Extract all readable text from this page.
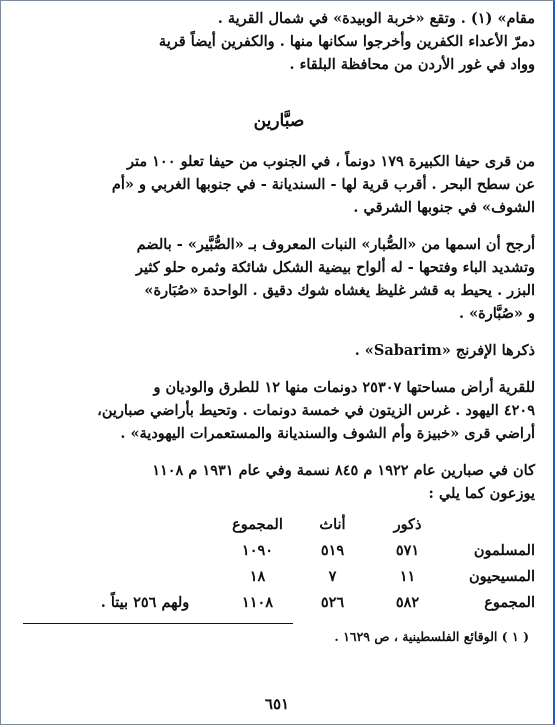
مقام» (١) . وتقع «خربة الوبيدة» في شمال القرية .
دمرّ الأعداء الكفرين وأخرجوا سكانها منها . والكفرين أيضاً قرية
وواد في غور الأردن من محافظة البلقاء .
صبَّارين
من قرى حيفا الكبيرة ١٧٩ دونماً ، في الجنوب من حيفا تعلو ١٠٠ متر
عن سطح البحر . أقرب قرية لها - السنديانة - في جنوبها الغربي و «أم
الشوف» في جنوبها الشرقي .
أرجح أن اسمها من «الصُّبار» النبات المعروف بـ «الصُّبَّير» - بالضم
وتشديد الباء وفتحها - له ألواح بيضية الشكل شائكة وثمره حلو كثير
البزر . يحيط به قشر غليظ يغشاه شوك دقيق . الواحدة «صُبَارة»
و «صُبَّارة» .
ذكرها الإفرنج «Sabarim» .
للقرية أراض مساحتها ٢٥٣٠٧ دونمات منها ١٢ للطرق والوديان و
٤٢٠٩ اليهود . غرس الزيتون في خمسة دونمات . وتحيط بأراضي صبارين،
أراضي قرى «خبيزة وأم الشوف والسنديانة والمستعمرات اليهودية» .
كان في صبارين عام ١٩٢٢ م ٨٤٥ نسمة وفي عام ١٩٣١ م ١١٠٨
يوزعون كما يلي :
	ذكور	أناث	المجموع	
المسلمون	٥٧١	٥١٩	١٠٩٠	
المسيحيون	١١	٧	١٨	
المجموع	٥٨٢	٥٢٦	١١٠٨	ولهم ٢٥٦ بيتاً .
( ١ ) الوقائع الفلسطينية ، ص ١٦٢٩ .
٦٥١
